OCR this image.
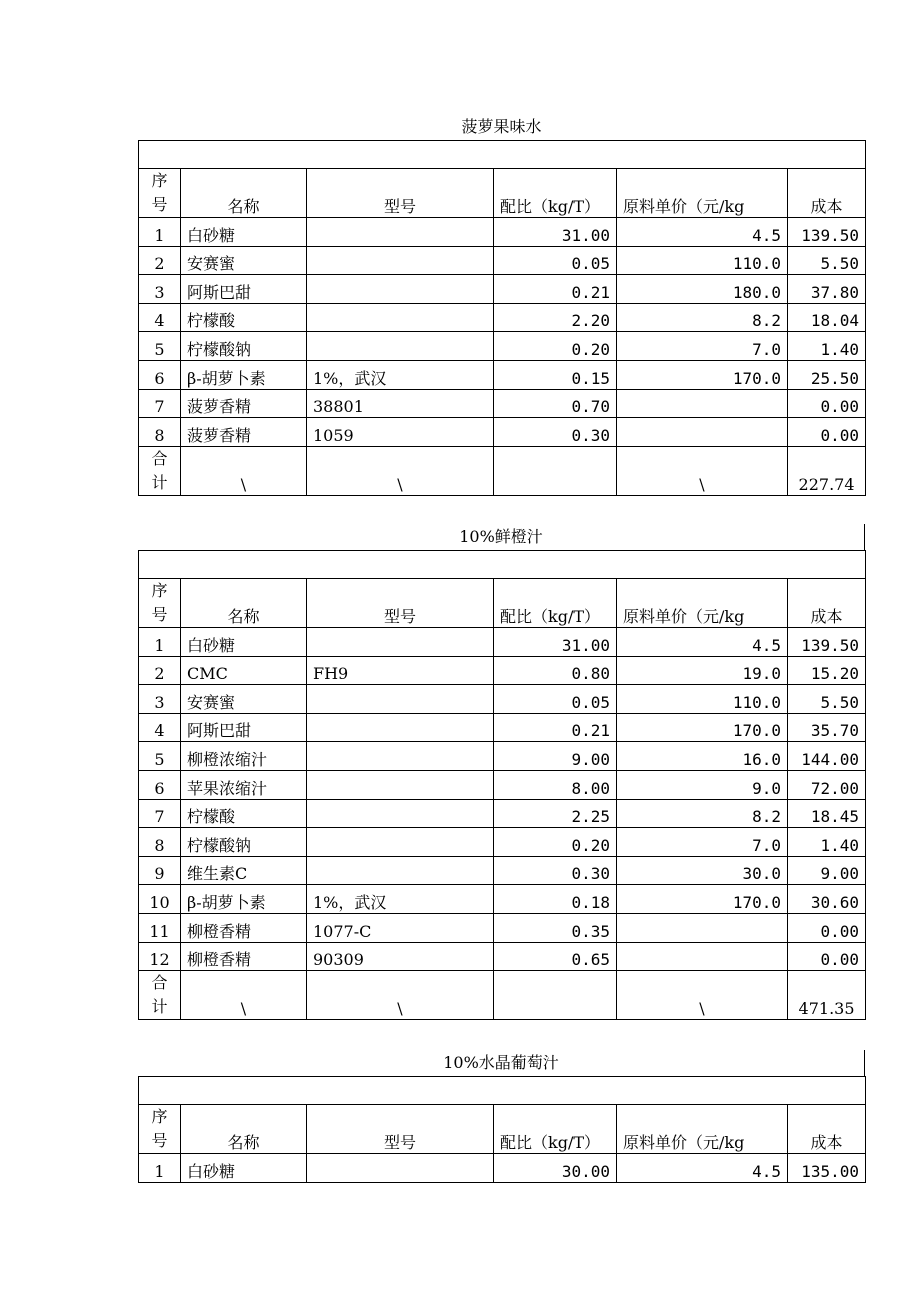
菠萝果味水

序
号	名称	型号	配比（kg/T）	原料单价（元/kg	成本
1	白砂糖		31.00	4.5	139.50
2	安赛蜜		0.05	110.0	5.50
3	阿斯巴甜		0.21	180.0	37.80
4	柠檬酸		2.20	8.2	18.04
5	柠檬酸钠		0.20	7.0	1.40
6	β-胡萝卜素	1%，武汉	0.15	170.0	25.50
7	菠萝香精	38801	0.70		0.00
8	菠萝香精	1059	0.30		0.00
合
计	\	\		\	227.74
10%鲜橙汁

序
号	名称	型号	配比（kg/T）	原料单价（元/kg	成本
1	白砂糖		31.00	4.5	139.50
2	CMC	FH9	0.80	19.0	15.20
3	安赛蜜		0.05	110.0	5.50
4	阿斯巴甜		0.21	170.0	35.70
5	柳橙浓缩汁		9.00	16.0	144.00
6	苹果浓缩汁		8.00	9.0	72.00
7	柠檬酸		2.25	8.2	18.45
8	柠檬酸钠		0.20	7.0	1.40
9	维生素C		0.30	30.0	9.00
10	β-胡萝卜素	1%，武汉	0.18	170.0	30.60
11	柳橙香精	1077-C	0.35		0.00
12	柳橙香精	90309	0.65		0.00
合
计	\	\		\	471.35
10%水晶葡萄汁

序
号	名称	型号	配比（kg/T）	原料单价（元/kg	成本
1	白砂糖		30.00	4.5	135.00
